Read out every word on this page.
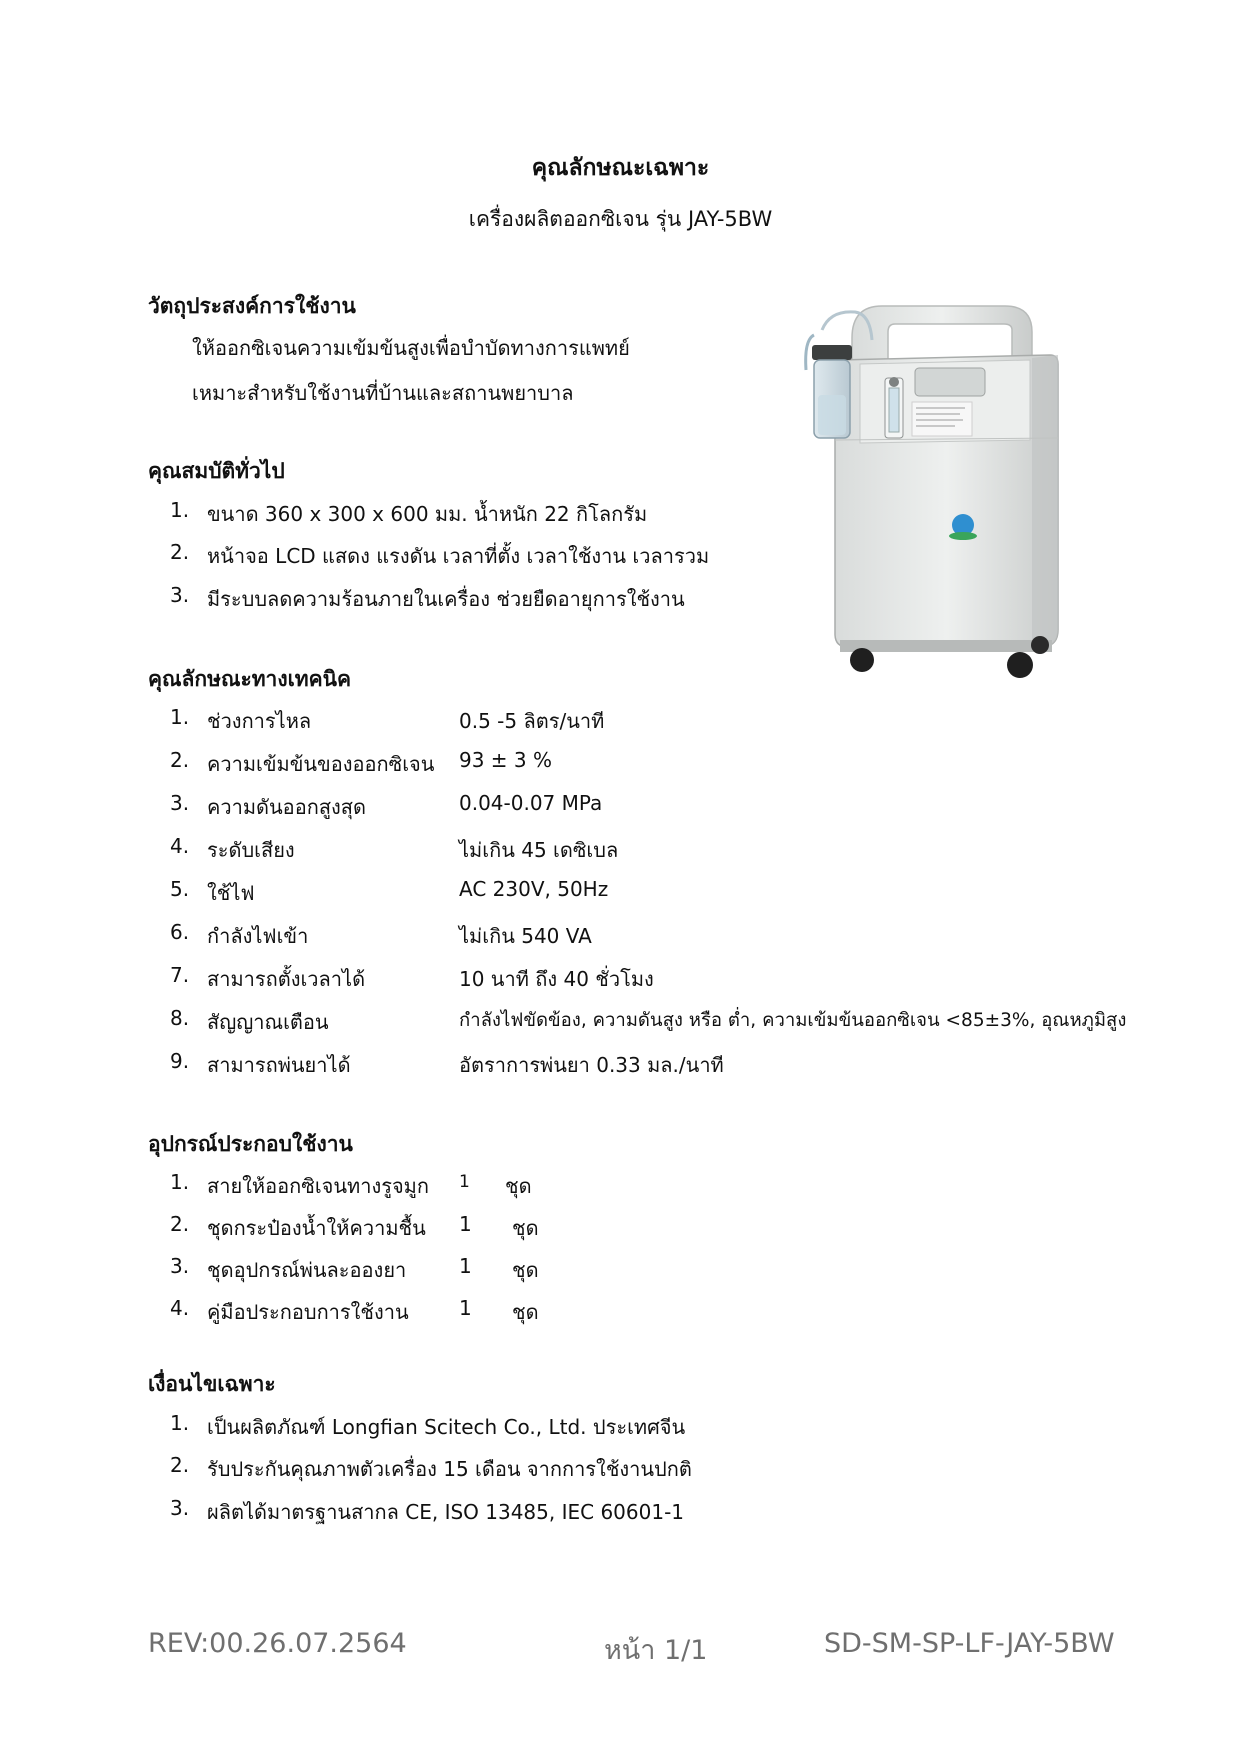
คุณลักษณะเฉพาะ
เครื่องผลิตออกซิเจน รุ่น JAY-5BW
วัตถุประสงค์การใช้งาน
ให้ออกซิเจนความเข้มข้นสูงเพื่อบำบัดทางการแพทย์
เหมาะสำหรับใช้งานที่บ้านและสถานพยาบาล
คุณสมบัติทั่วไป
1. ขนาด 360 x 300 x 600 มม. น้ำหนัก 22 กิโลกรัม
2. หน้าจอ LCD แสดง แรงดัน เวลาที่ตั้ง เวลาใช้งาน เวลารวม
3. มีระบบลดความร้อนภายในเครื่อง ช่วยยืดอายุการใช้งาน
คุณลักษณะทางเทคนิค
1. ช่วงการไหล	0.5 -5 ลิตร/นาที
2. ความเข้มข้นของออกซิเจน 93 ± 3 %
3. ความดันออกสูงสุด	0.04-0.07 MPa
4. ระดับเสียง	ไม่เกิน 45 เดซิเบล
5. ใช้ไฟ	AC 230V, 50Hz
6. กำลังไฟเข้า	ไม่เกิน 540 VA
7. สามารถตั้งเวลาได้	10 นาที ถึง 40 ชั่วโมง
8. สัญญาณเตือน	กำลังไฟขัดข้อง, ความดันสูง หรือ ต่ำ, ความเข้มข้นออกซิเจน <85±3%, อุณหภูมิสูง
9. สามารถพ่นยาได้	อัตราการพ่นยา 0.33 มล./นาที
อุปกรณ์ประกอบใช้งาน
1. สายให้ออกซิเจนทางรูจมูก 1 ชุด
2. ชุดกระป๋องน้ำให้ความชื้น 1 ชุด
3. ชุดอุปกรณ์พ่นละอองยา	1 ชุด
4. คู่มือประกอบการใช้งาน	1 ชุด
เงื่อนไขเฉพาะ
1. เป็นผลิตภัณฑ์ Longfian Scitech Co., Ltd. ประเทศจีน
2. รับประกันคุณภาพตัวเครื่อง 15 เดือน จากการใช้งานปกติ
3. ผลิตได้มาตรฐานสากล CE, ISO 13485, IEC 60601-1
REV:00.26.07.2564	หน้า 1/1	SD-SM-SP-LF-JAY-5BW
